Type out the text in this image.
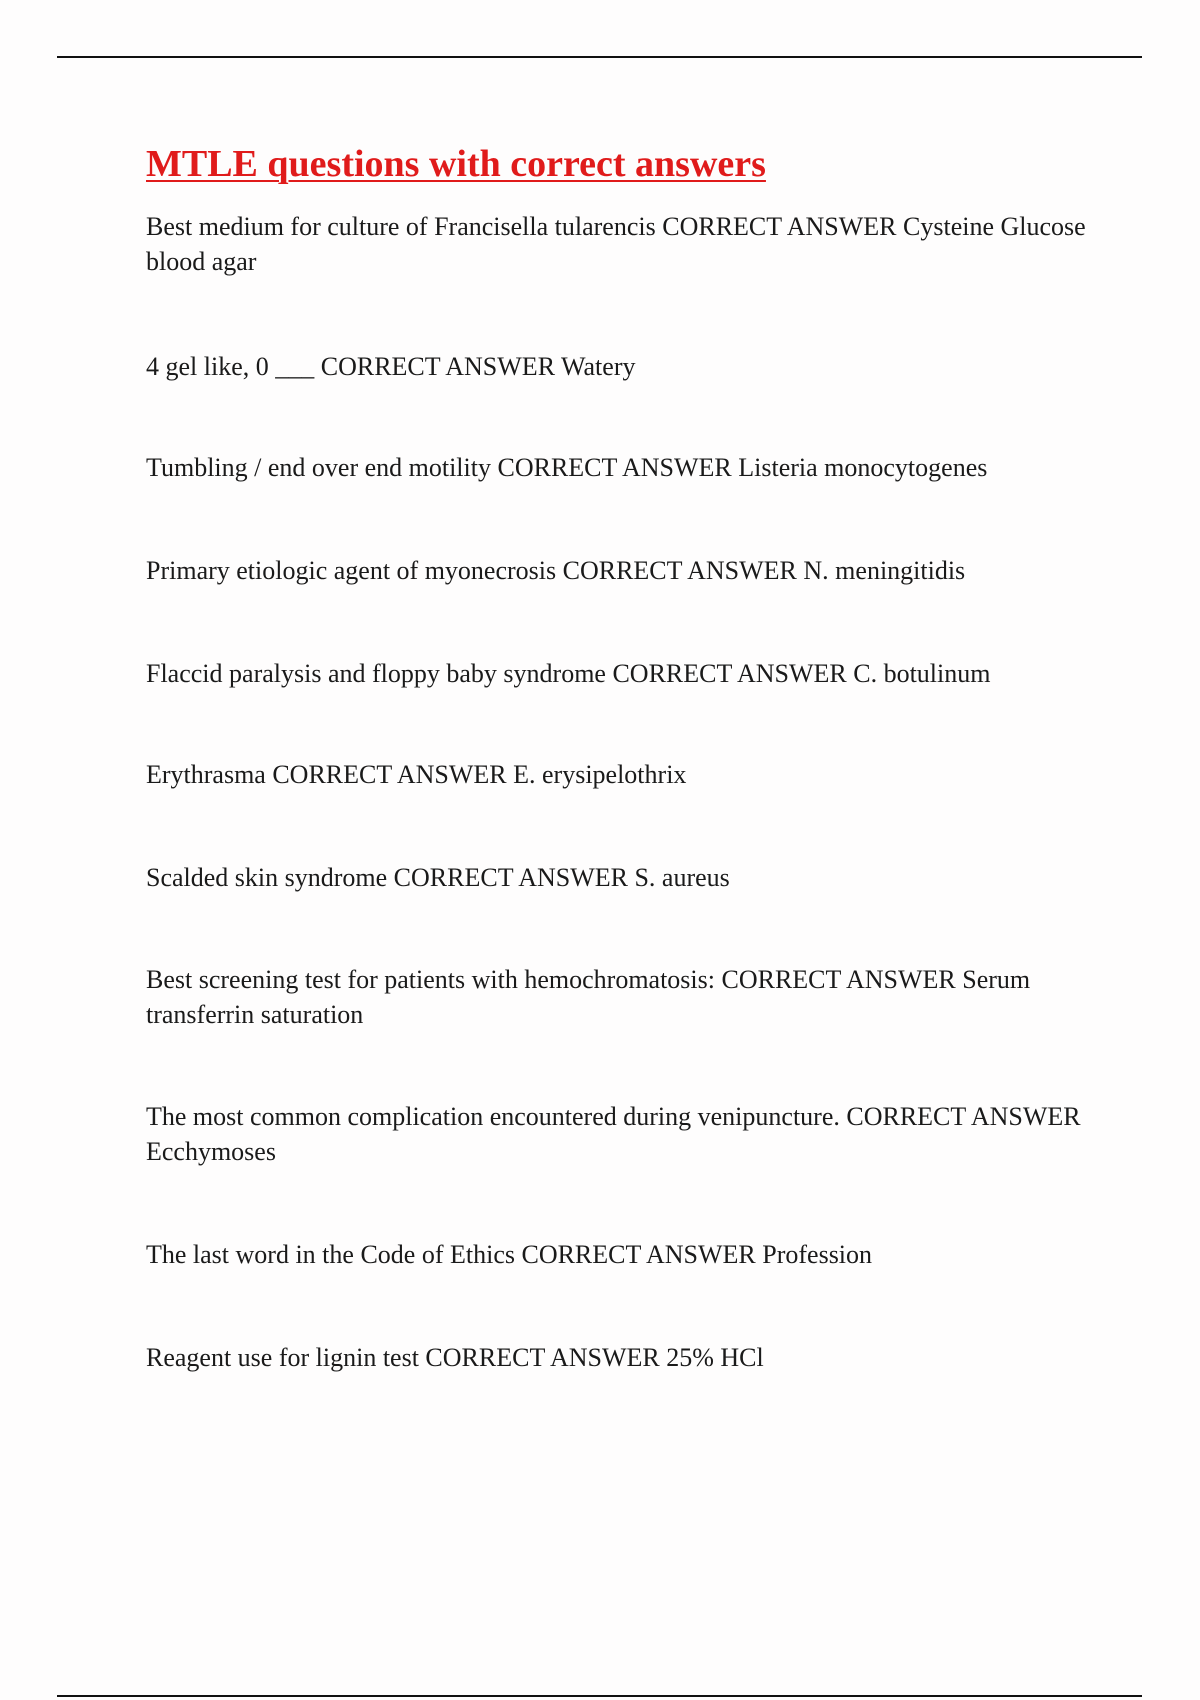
MTLE questions with correct answers

Best medium for culture of Francisella tularencis CORRECT ANSWER Cysteine Glucose blood agar

4 gel like, 0 ___ CORRECT ANSWER Watery

Tumbling / end over end motility CORRECT ANSWER Listeria monocytogenes

Primary etiologic agent of myonecrosis CORRECT ANSWER N. meningitidis

Flaccid paralysis and floppy baby syndrome CORRECT ANSWER C. botulinum

Erythrasma CORRECT ANSWER E. erysipelothrix

Scalded skin syndrome CORRECT ANSWER S. aureus

Best screening test for patients with hemochromatosis: CORRECT ANSWER Serum transferrin saturation

The most common complication encountered during venipuncture. CORRECT ANSWER Ecchymoses

The last word in the Code of Ethics CORRECT ANSWER Profession

Reagent use for lignin test CORRECT ANSWER 25% HCl
